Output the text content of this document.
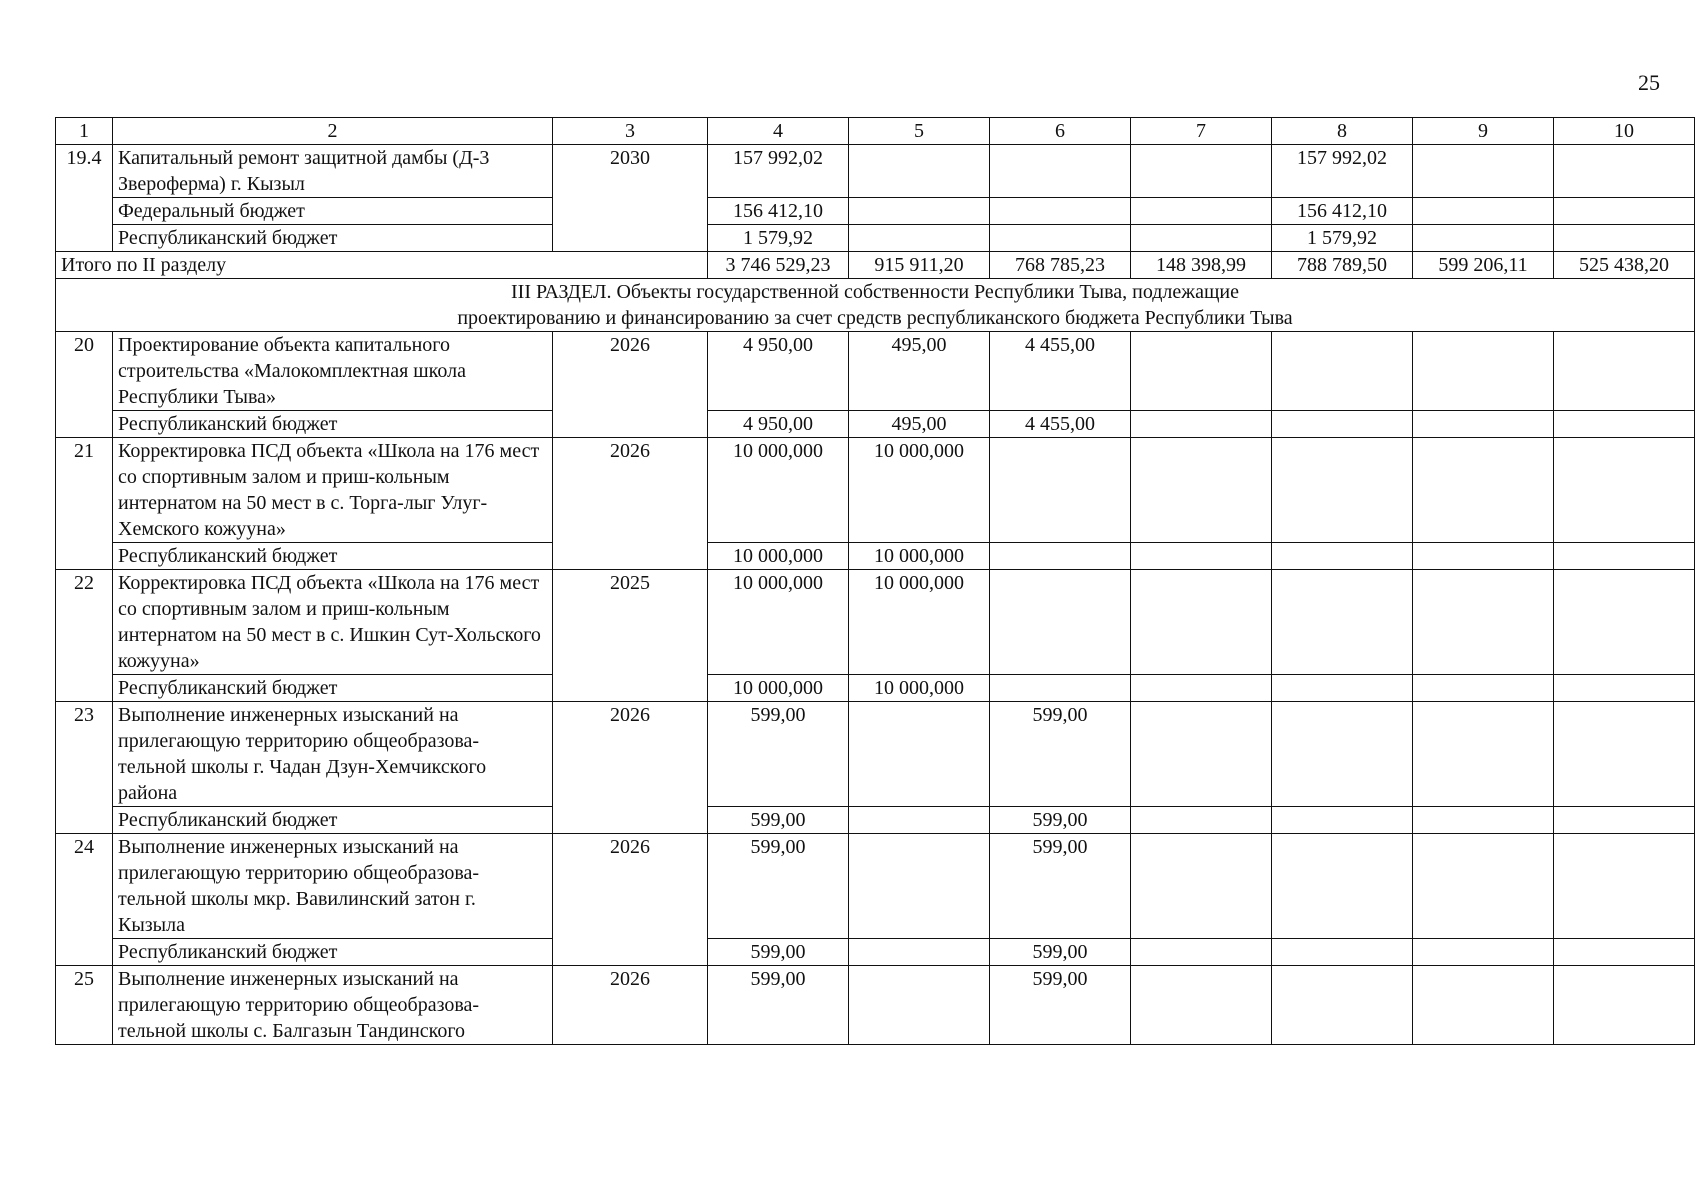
25
1	2	3	4	5	6	7	8	9	10
19.4	Капитальный ремонт защитной дамбы (Д-3 Звероферма) г. Кызыл	2030	157 992,02				157 992,02		
	Федеральный бюджет		156 412,10				156 412,10		
	Республиканский бюджет		1 579,92				1 579,92		
Итого по II разделу			3 746 529,23	915 911,20	768 785,23	148 398,99	788 789,50	599 206,11	525 438,20

III РАЗДЕЛ. Объекты государственной собственности Республики Тыва, подлежащие
проектированию и финансированию за счет средств республиканского бюджета Республики Тыва									

20	Проектирование объекта капитального строительства «Малокомплектная школа Республики Тыва»	2026	4 950,00	495,00	4 455,00				
	Республиканский бюджет		4 950,00	495,00	4 455,00				
21	Корректировка ПСД объекта «Школа на 176 мест со спортивным залом и приш-кольным интернатом на 50 мест в с. Торга-лыг Улуг-Хемского кожууна»	2026	10 000,000	10 000,000					
	Республиканский бюджет		10 000,000	10 000,000					
22	Корректировка ПСД объекта «Школа на 176 мест со спортивным залом и приш-кольным интернатом на 50 мест в с. Ишкин Сут-Хольского кожууна»	2025	10 000,000	10 000,000					
	Республиканский бюджет		10 000,000	10 000,000					
23	Выполнение инженерных изысканий на прилегающую территорию общеобразова-тельной школы г. Чадан Дзун-Хемчикского района	2026	599,00		599,00				
	Республиканский бюджет		599,00		599,00				
24	Выполнение инженерных изысканий на прилегающую территорию общеобразова-тельной школы мкр. Вавилинский затон г. Кызыла	2026	599,00		599,00				
	Республиканский бюджет		599,00		599,00				
25	Выполнение инженерных изысканий на прилегающую территорию общеобразова-тельной школы с. Балгазын Тандинского	2026	599,00		599,00				
